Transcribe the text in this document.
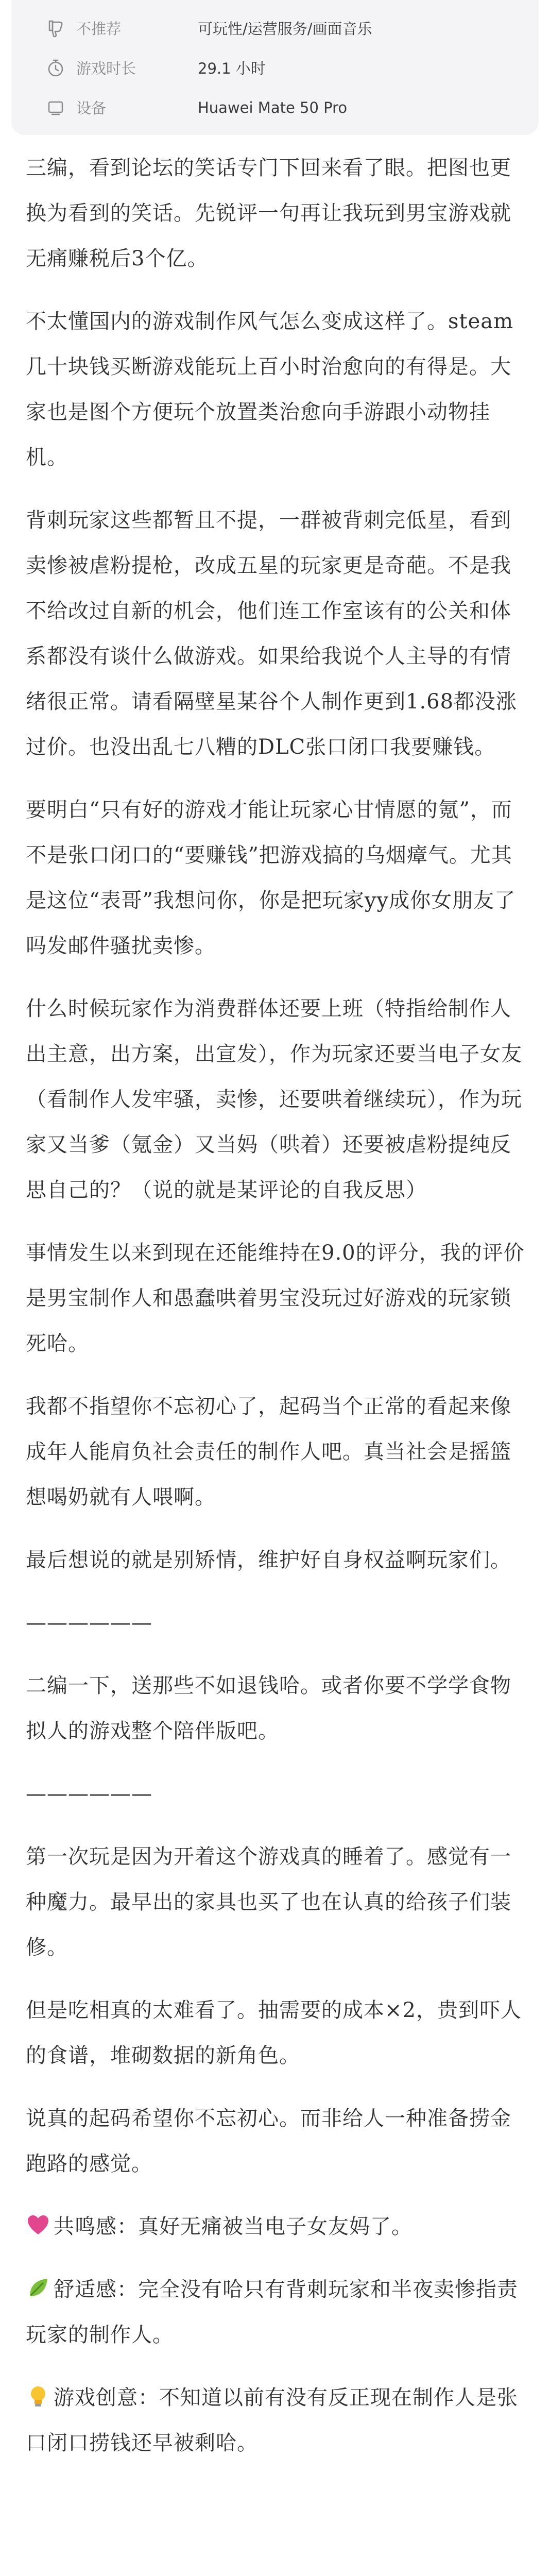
不推荐	可玩性/运营服务/画面音乐
游戏时长	29.1 小时
设备	Huawei Mate 50 Pro

三编，看到论坛的笑话专门下回来看了眼。把图也更换为看到的笑话。先锐评一句再让我玩到男宝游戏就无痛赚税后3个亿。

不太懂国内的游戏制作风气怎么变成这样了。steam几十块钱买断游戏能玩上百小时治愈向的有得是。大家也是图个方便玩个放置类治愈向手游跟小动物挂机。

背刺玩家这些都暂且不提，一群被背刺完低星，看到卖惨被虐粉提枪，改成五星的玩家更是奇葩。不是我不给改过自新的机会，他们连工作室该有的公关和体系都没有谈什么做游戏。如果给我说个人主导的有情绪很正常。请看隔壁星某谷个人制作更到1.68都没涨过价。也没出乱七八糟的DLC张口闭口我要赚钱。

要明白“只有好的游戏才能让玩家心甘情愿的氪”，而不是张口闭口的“要赚钱”把游戏搞的乌烟瘴气。尤其是这位“表哥”我想问你，你是把玩家yy成你女朋友了吗发邮件骚扰卖惨。

什么时候玩家作为消费群体还要上班（特指给制作人出主意，出方案，出宣发），作为玩家还要当电子女友（看制作人发牢骚，卖惨，还要哄着继续玩），作为玩家又当爹（氪金）又当妈（哄着）还要被虐粉提纯反思自己的？（说的就是某评论的自我反思）

事情发生以来到现在还能维持在9.0的评分，我的评价是男宝制作人和愚蠢哄着男宝没玩过好游戏的玩家锁死哈。

我都不指望你不忘初心了，起码当个正常的看起来像成年人能肩负社会责任的制作人吧。真当社会是摇篮想喝奶就有人喂啊。

最后想说的就是别矫情，维护好自身权益啊玩家们。

——————

二编一下，送那些不如退钱哈。或者你要不学学食物拟人的游戏整个陪伴版吧。

——————

第一次玩是因为开着这个游戏真的睡着了。感觉有一种魔力。最早出的家具也买了也在认真的给孩子们装修。

但是吃相真的太难看了。抽需要的成本×2，贵到吓人的食谱，堆砌数据的新角色。

说真的起码希望你不忘初心。而非给人一种准备捞金跑路的感觉。

共鸣感：真好无痛被当电子女友妈了。

舒适感：完全没有哈只有背刺玩家和半夜卖惨指责玩家的制作人。

游戏创意：不知道以前有没有反正现在制作人是张口闭口捞钱还早被剩哈。
